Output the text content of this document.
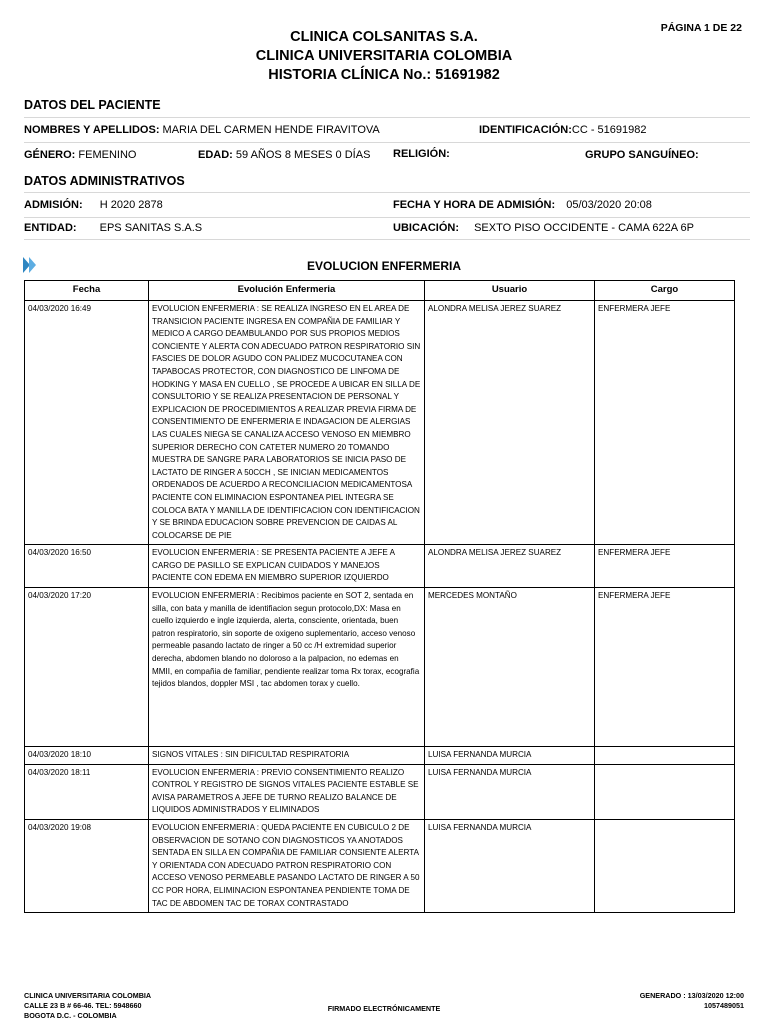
PÁGINA 1 DE 22
CLINICA COLSANITAS S.A.
CLINICA UNIVERSITARIA COLOMBIA
HISTORIA CLÍNICA No.: 51691982
DATOS DEL PACIENTE
NOMBRES Y APELLIDOS: MARIA DEL CARMEN HENDE FIRAVITOVA	IDENTIFICACIÓN:CC - 51691982
GÉNERO: FEMENINO	EDAD: 59 AÑOS 8 MESES 0 DÍAS RELIGIÓN:	GRUPO SANGUÍNEO:
DATOS ADMINISTRATIVOS
ADMISIÓN: H 2020 2878	FECHA Y HORA DE ADMISIÓN: 05/03/2020 20:08
ENTIDAD: EPS SANITAS S.A.S	UBICACIÓN: SEXTO PISO OCCIDENTE - CAMA 622A 6P
EVOLUCION ENFERMERIA
Fecha	Evolución Enfermeria	Usuario	Cargo
04/03/2020 16:49	EVOLUCION ENFERMERIA : SE REALIZA INGRESO EN EL AREA DE TRANSICION PACIENTE INGRESA EN COMPAÑIA DE FAMILIAR Y MEDICO A CARGO DEAMBULANDO POR SUS PROPIOS MEDIOS CONCIENTE Y ALERTA CON ADECUADO PATRON RESPIRATORIO SIN FASCIES DE DOLOR AGUDO CON PALIDEZ MUCOCUTANEA CON TAPABOCAS PROTECTOR, CON DIAGNOSTICO DE LINFOMA DE HODKING Y MASA EN CUELLO , SE PROCEDE A UBICAR EN SILLA DE CONSULTORIO Y SE REALIZA PRESENTACION DE PERSONAL Y EXPLICACION DE PROCEDIMIENTOS A REALIZAR PREVIA FIRMA DE CONSENTIMIENTO DE ENFERMERIA E INDAGACION DE ALERGIAS LAS CUALES NIEGA SE CANALIZA ACCESO VENOSO EN MIEMBRO SUPERIOR DERECHO CON CATETER NUMERO 20 TOMANDO MUESTRA DE SANGRE PARA LABORATORIOS SE INICIA PASO DE LACTATO DE RINGER A 50CCH , SE INICIAN MEDICAMENTOS ORDENADOS DE ACUERDO A RECONCILIACION MEDICAMENTOSA PACIENTE CON ELIMINACION ESPONTANEA PIEL INTEGRA SE COLOCA BATA Y MANILLA DE IDENTIFICACION CON IDENTIFICACION Y SE BRINDA EDUCACION SOBRE PREVENCION DE CAIDAS AL COLOCARSE DE PIE	ALONDRA MELISA JEREZ SUAREZ	ENFERMERA JEFE
04/03/2020 16:50	EVOLUCION ENFERMERIA : SE PRESENTA PACIENTE A JEFE A CARGO DE PASILLO SE EXPLICAN CUIDADOS Y MANEJOS PACIENTE CON EDEMA EN MIEMBRO SUPERIOR IZQUIERDO	ALONDRA MELISA JEREZ SUAREZ	ENFERMERA JEFE
04/03/2020 17:20	EVOLUCION ENFERMERIA : Recibimos paciente en SOT 2, sentada en silla, con bata y manilla de identifiacion segun protocolo,DX: Masa en cuello izquierdo e ingle izquierda, alerta, consciente, orientada, buen patron respiratorio, sin soporte de oxigeno suplementario, acceso venoso permeable pasando lactato de ringer a 50 cc /H extremidad superior derecha, abdomen blando no doloroso a la palpacion, no edemas en MMII, en compañia de familiar, pendiente realizar toma Rx torax, ecografia tejidos blandos, doppler MSI , tac abdomen torax y cuello.	MERCEDES MONTAÑO	ENFERMERA JEFE
04/03/2020 18:10	SIGNOS VITALES : SIN DIFICULTAD RESPIRATORIA	LUISA FERNANDA MURCIA	
04/03/2020 18:11	EVOLUCION ENFERMERIA : PREVIO CONSENTIMIENTO REALIZO CONTROL Y REGISTRO DE SIGNOS VITALES PACIENTE ESTABLE SE AVISA PARAMETROS A JEFE DE TURNO REALIZO BALANCE DE LIQUIDOS ADMINISTRADOS Y ELIMINADOS	LUISA FERNANDA MURCIA	
04/03/2020 19:08	EVOLUCION ENFERMERIA : QUEDA PACIENTE EN CUBICULO 2 DE OBSERVACION DE SOTANO CON DIAGNOSTICOS YA ANOTADOS SENTADA EN SILLA EN COMPAÑIA DE FAMILIAR CONSIENTE ALERTA Y ORIENTADA CON ADECUADO PATRON RESPIRATORIO CON ACCESO VENOSO PERMEABLE PASANDO LACTATO DE RINGER A 50 CC POR HORA, ELIMINACION ESPONTANEA PENDIENTE TOMA DE TAC DE ABDOMEN TAC DE TORAX CONTRASTADO	LUISA FERNANDA MURCIA	
CLINICA UNIVERSITARIA COLOMBIA
CALLE 23 B # 66-46. TEL: 5948660
BOGOTA D.C. - COLOMBIA
FIRMADO ELECTRÓNICAMENTE
GENERADO : 13/03/2020 12:00
1057489051
